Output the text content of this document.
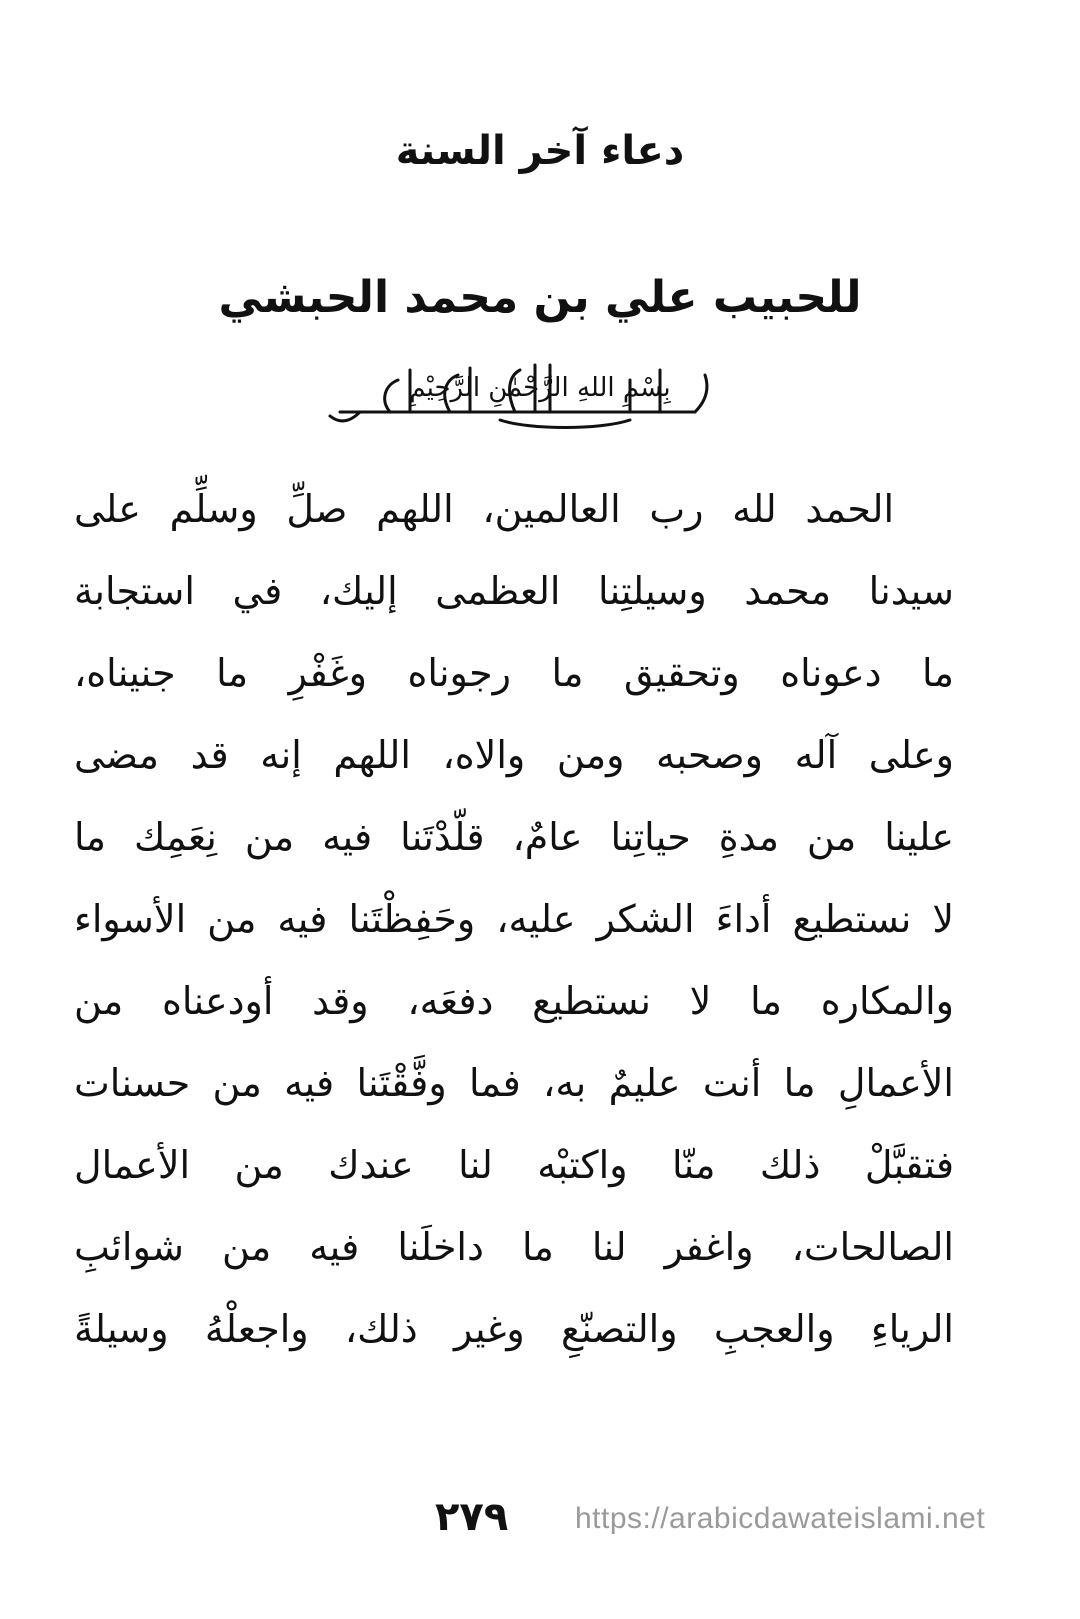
دعاء آخر السنة
للحبيب علي بن محمد الحبشي
بِسْمِ اللهِ الرَّحْمٰنِ الرَّحِيْمِ
الحمد لله رب العالمين، اللهم صلِّ وسلِّم على
سيدنا محمد وسيلتِنا العظمى إليك، في استجابة
ما دعوناه وتحقيق ما رجوناه وغَفْرِ ما جنيناه،
وعلى آله وصحبه ومن والاه، اللهم إنه قد مضى
علينا من مدةِ حياتِنا عامٌ، قلّدْتَنا فيه من نِعَمِك ما
لا نستطيع أداءَ الشكر عليه، وحَفِظْتَنا فيه من الأسواء
والمكاره ما لا نستطيع دفعَه، وقد أودعناه من
الأعمالِ ما أنت عليمٌ به، فما وفَّقْتَنا فيه من حسنات
فتقبَّلْ ذلك منّا واكتبْه لنا عندك من الأعمال
الصالحات، واغفر لنا ما داخلَنا فيه من شوائبِ
الرياءِ والعجبِ والتصنّعِ وغير ذلك، واجعلْهُ وسيلةً
٢٧٩ https://arabicdawateislami.net
